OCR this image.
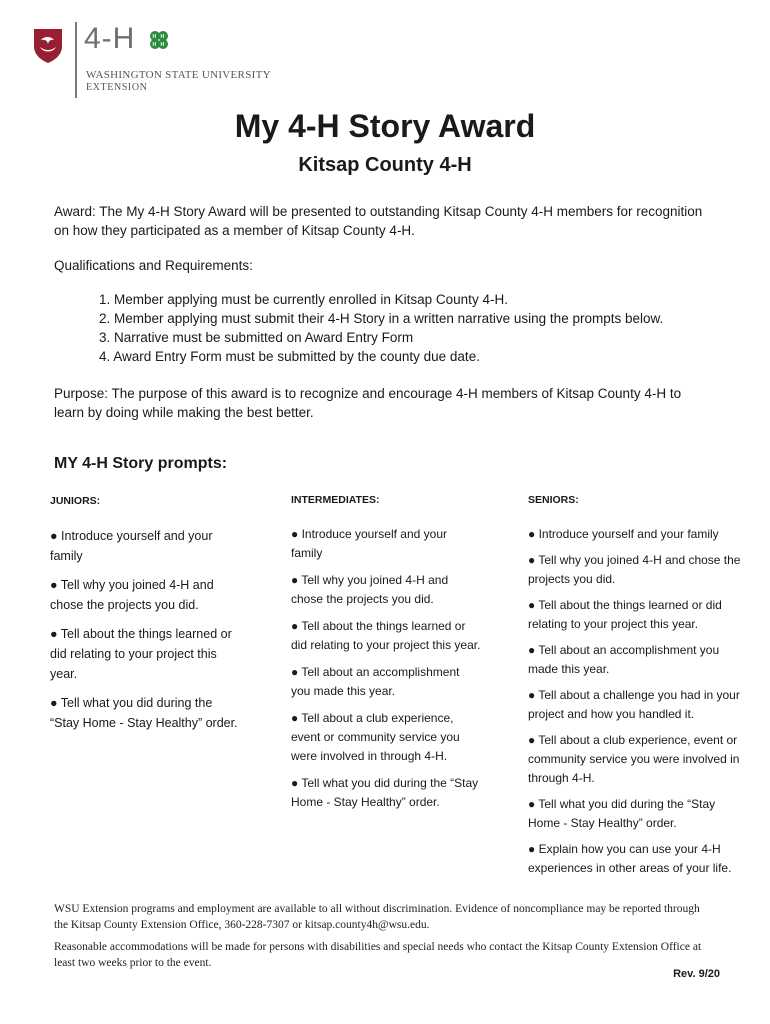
4-H	H H
H H
WASHINGTON STATE UNIVERSITY
EXTENSION
My 4-H Story Award
Kitsap County 4-H
Award: The My 4-H Story Award will be presented to outstanding Kitsap County 4-H members for recognition on how they participated as a member of Kitsap County 4-H.
Qualifications and Requirements:
1. Member applying must be currently enrolled in Kitsap County 4-H.
2. Member applying must submit their 4-H Story in a written narrative using the prompts below.
3. Narrative must be submitted on Award Entry Form
4. Award Entry Form must be submitted by the county due date.
Purpose: The purpose of this award is to recognize and encourage 4-H members of Kitsap County 4-H to learn by doing while making the best better.
MY 4-H Story prompts:
JUNIORS:

● Introduce yourself and your family

● Tell why you joined 4-H and chose the projects you did.

● Tell about the things learned or did relating to your project this year.

● Tell what you did during the “Stay Home - Stay Healthy” order.

INTERMEDIATES:

● Introduce yourself and your family

● Tell why you joined 4-H and chose the projects you did.

● Tell about the things learned or did relating to your project this year.

● Tell about an accomplishment you made this year.

● Tell about a club experience, event or community service you were involved in through 4-H.

● Tell what you did during the “Stay Home - Stay Healthy” order.

SENIORS:

● Introduce yourself and your family

● Tell why you joined 4-H and chose the projects you did.

● Tell about the things learned or did relating to your project this year.

● Tell about an accomplishment you made this year.

● Tell about a challenge you had in your project and how you handled it.

● Tell about a club experience, event or community service you were involved in through 4-H.

● Tell what you did during the “Stay Home - Stay Healthy” order.

● Explain how you can use your 4-H experiences in other areas of your life.

WSU Extension programs and employment are available to all without discrimination. Evidence of noncompliance may be reported through the Kitsap County Extension Office, 360-228-7307 or kitsap.county4h@wsu.edu.
Reasonable accommodations will be made for persons with disabilities and special needs who contact the Kitsap County Extension Office at least two weeks prior to the event.
Rev. 9/20
